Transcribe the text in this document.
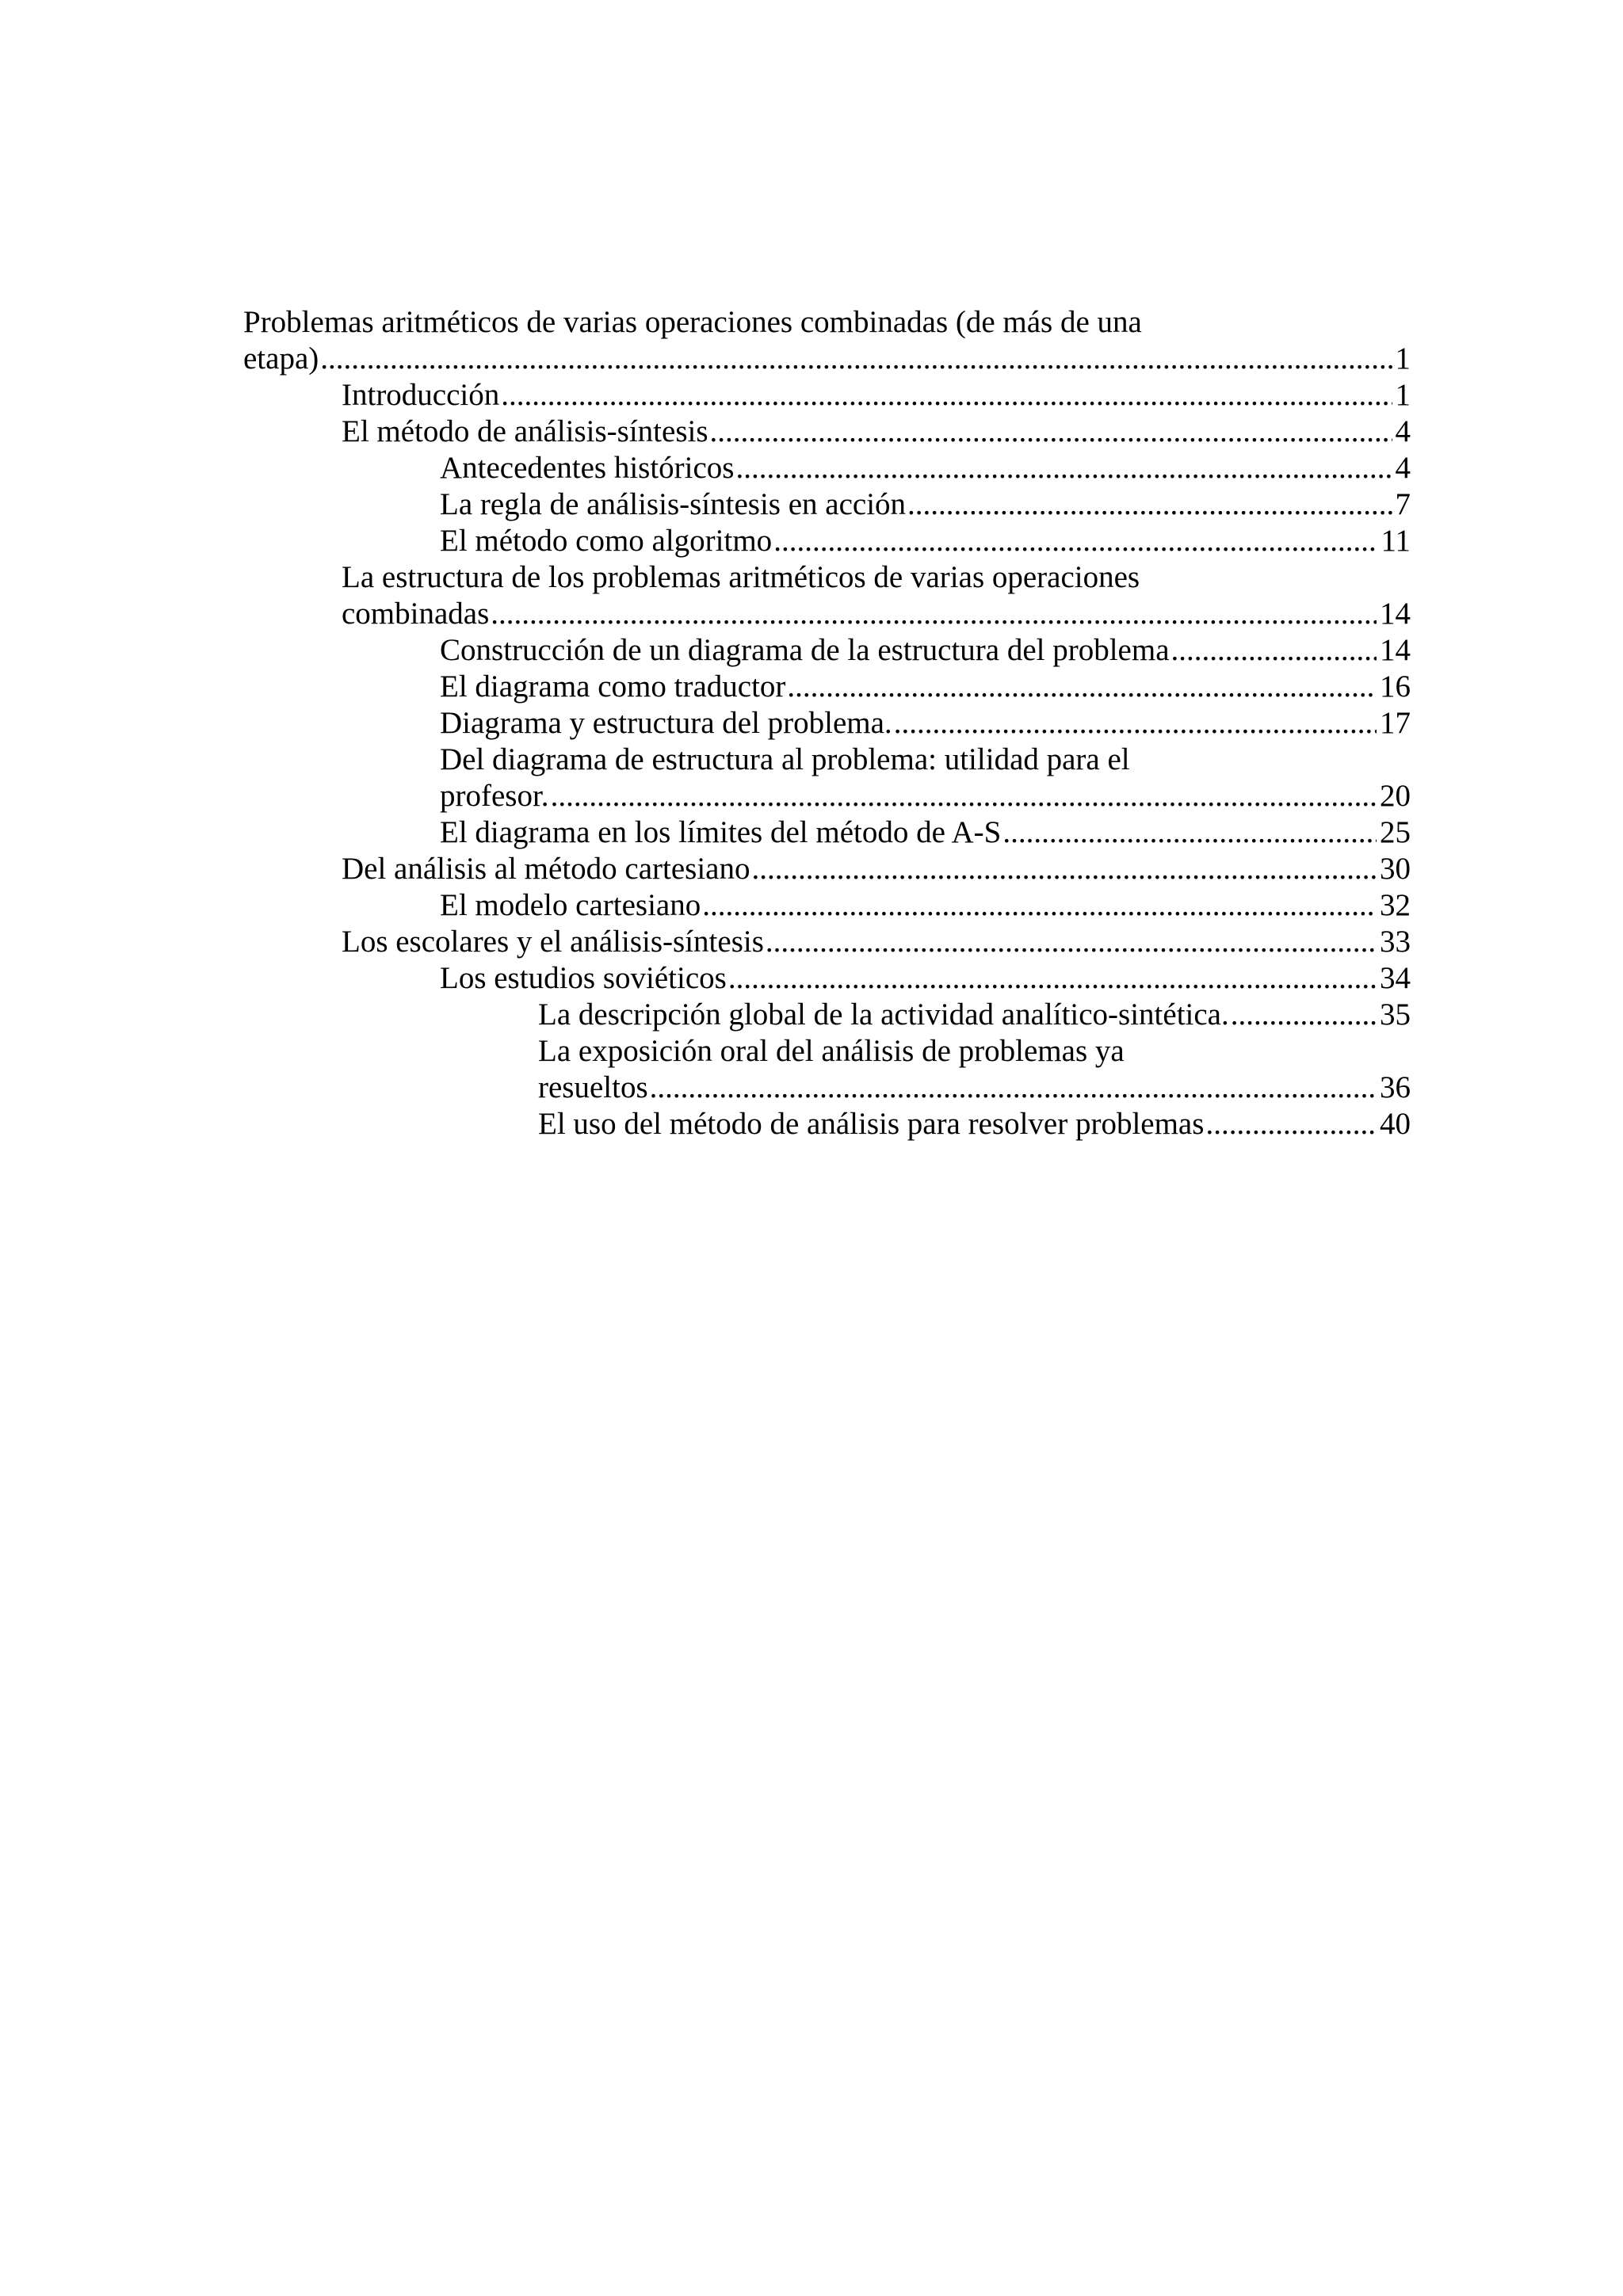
Problemas aritméticos de varias operaciones combinadas (de más de una
etapa) .....	1
Introducción .....	1
El método de análisis-síntesis .....	4
Antecedentes históricos .....	4
La regla de análisis-síntesis en acción .....	7
El método como algoritmo .....	11
La estructura de los problemas aritméticos de varias operaciones
combinadas .....	14
Construcción de un diagrama de la estructura del problema .....	14
El diagrama como traductor .....	16
Diagrama y estructura del problema. .....	17
Del diagrama de estructura al problema: utilidad para el
profesor. .....	20
El diagrama en los límites del método de A-S .....	25
Del análisis al método cartesiano .....	30
El modelo cartesiano .....	32
Los escolares y el análisis-síntesis .....	33
Los estudios soviéticos .....	34
La descripción global de la actividad analítico-sintética. .....	35
La exposición oral del análisis de problemas ya
resueltos .....	36
El uso del método de análisis para resolver problemas .....	40
